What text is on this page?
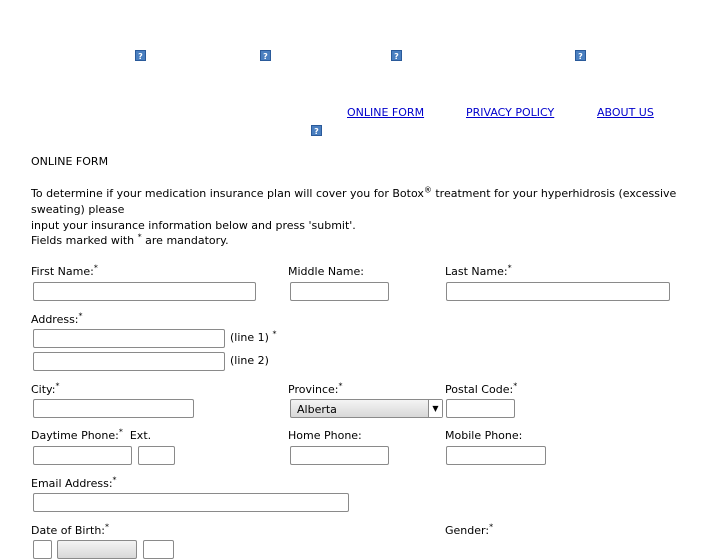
?	?	?	?
ONLINE FORM	PRIVACY POLICY	ABOUT US
?
ONLINE FORM
To determine if your medication insurance plan will cover you for Botox® treatment for your hyperhidrosis (excessive sweating) please
input your insurance information below and press 'submit'.
Fields marked with * are mandatory.
First Name:*	Middle Name:	Last Name:*
Address:*
(line 1) *
(line 2)
City:*	Province:*	Postal Code:*
Alberta	▼
Daytime Phone:* Ext.	Home Phone:	Mobile Phone:
Email Address:*
Date of Birth:*	Gender:*
